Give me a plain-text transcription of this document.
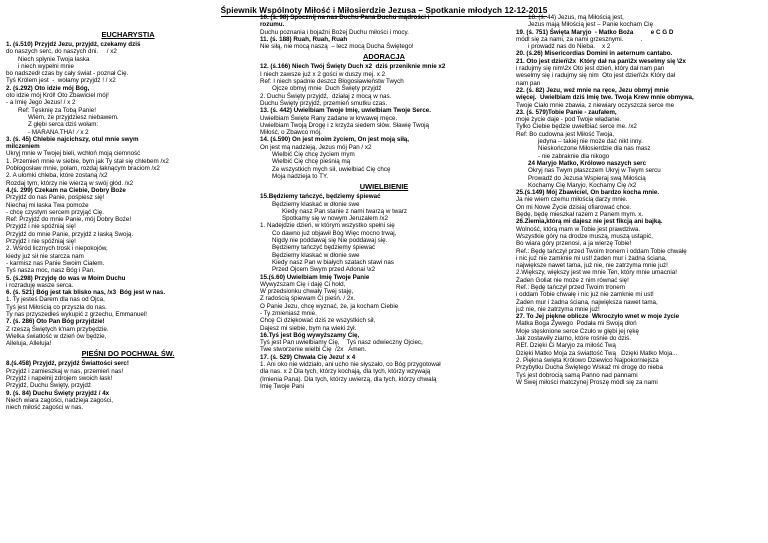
Śpiewnik Wspólnoty Miłość i Miłosierdzie Jezusa – Spotkanie młodych 12-12-2015
EUCHARYSTIA
1. (ś.510) Przyjdź Jezu, przyjdź, czekamy dziś
do naszych serc, do naszych dni.     / x2
Niech spłynie Twoja łaska
i niech wypełni mnie
bo nadszedł czas by cały świat - poznał Cię.
Tyś Królem jest  -  wołamy przyjdź ! / x2
2. (ś.292) Oto idzie mój Bóg,
oto idzie mój Król! Oto Zbawiciel mój!
- a Imię Jego Jezus! / x 2
Ref: Tęsknię za Tobą Panie!
Wiem, że przyjdziesz niebawem.
Z głębi serca dziś wołam:
- MARANA THA!  ⁄ x 2
3. (ś. 45) Chlebie najcichszy, otul mnie swym
milczeniem
Ukryj mnie w Twojej bieli, wchłoń moją ciemność
1. Przemień mnie w siebie, bym jak Ty stał się chlebem /x2
Pobłogosław mnie, połam, rozdaj łaknącym braciom /x2
2. A ułomki chleba, które zostaną /x2
Rozdaj tym, którzy nie wierzą w swój głód. /x2
4.(ś. 299) Czekam na Ciebie, Dobry Boże
Przyjdź do nas Panie, pośpiesz się!
Niechaj mi łaska Twa pomoże
- chcę czystym sercem przyjąć Cię.
Ref: Przyjdź do mnie Panie, mój Dobry Boże!
Przyjdź i nie spóźniaj się!
Przyjdź do mnie Panie, przyjdź z łaską Swoją.
Przyjdź i nie spóźniaj się!
2. Wśród licznych trosk i niepokojów,
kiedy już sił nie starcza nam
- karmisz nas Panie Swoim Ciałem.
Tyś nasza moc, nasz Bóg i Pan.
5. (ś.298) Przyjdę do was w Moim Duchu
i rozraduję wasze serca.
6. (ś. 521) Bóg jest tak blisko nas, /x3  Bóg jest w nas.
1. Ty jesteś Darem dla nas od Ojca,
Tyś jest Miłością co przyszła do nas.
Ty nas przyszedłeś wykupić z grzechu, Emmanuel!
7. (ś. 286) Oto Pan Bóg przyjdzie!
Z rzeszą Świętych k'nam przybędzie.
Wielka światłość w dzień ów będzie,
Alleluja, Alleluja!
PIEŚNI DO POCHWAŁ ŚW.
8.(ś.458) Przyjdź, przyjdź Świattości serc!
Przyjdź i zamieszkaj w nas, przemień nas!
Przyjdź i napełnij zdrojem swoich łask!
Przyjdź, Duchu Święty, przyjdź
9. (ś. 84) Duchu Święty przyjdź / 4x
Niech wiara zagości, nadzieja zagości,
niech miłość zagości w nas.
10. (ś. 98) Spocznij na nas Duchu Pana Duchu mądrości i
rozumu.
Duchu poznania i bojaźni Bożej Duchu miłości i mocy.
11. (ś. 188) Ruah, Ruah, Ruah
Nie siłą, nie mocą naszą  – lecz mocą Ducha Świętego!
ADORACJA
12. (ś.166) Niech Twój Święty Duch x2  dziś przeniknie mnie x2
I niech zawsze już x 2 gości w duszy mej. x 2
Ref: I niech spadnie deszcz Błogosławieństw Twych
Ojcze obmyj mnie  Duch Święty przyjdź
2. Duchu Święty przyjdź,  działaj z mocą w nas.
Duchu Święty przyjdź, przemień smutku czas.
13. (ś. 442) Uwielbiam Twoje Imię, uwielbiam Twoje Serce.
Uwielbiam Święte Rany zadane w krwawej męce.
Uwielbiam Twoją Drogę i z krzyża siedem słów. Sławię Twoją
Miłość, o Zbawco mój.
14. (ś.590) On jest moim życiem, On jest moją siłą,
On jest mą nadzieją, Jezus mój Pan / x2
Wielbić Cię chcę życiem mym
Wielbić Cię chcę pieśnią mą
Ze wszystkich mych sił, uwielbiać Cię chcę
Moja nadzieja to TY.
UWIELBIENIE
15.Będziemy tańczyć, będziemy śpiewać
Będziemy klaskać w dłonie swe
Kiedy nasz Pan stanie z nami twarzą w twarz
Spotkamy się w nowym Jeruzalem /x2
1. Nadejdzie dzień, w którym wszystko spełni się
Co dawno już objawił Bóg Więc mocno trwaj,
Nigdy nie poddawaj się Nie poddawaj się.
Będziemy tańczyć będziemy śpiewać
Będziemy klaskać w dłonie swe
Kiedy nasz Pan w białych szatach stawi nas
Przed Ojcem Swym przed Adonai \x2
15.(ś.60) Uwielbiam Imię Twoje Panie
Wywyższam Cię i daję Ci hołd,
W przedsionku chwały Twej staję,
Z radością śpiewam Ci pieśń. / 2x.
O Panie Jezu, chcę wyznać, że, ja kocham Ciebie
- Ty zmieniasz mnie.
Chcę Ci dziękować dziś ze wszystkich sił,
Dajesz mi siebie, bym na wieki żył.
16.Tyś jest Bóg wywyższamy Cię,
Tyś jest Pan uwielbiamy Cię,    Tyś nasz odwieczny Ojciec,
Twe stworzenie wielbi Cię  /2x   Amen.
17. (ś. 529) Chwała Cię Jezu! x 4
1. Ani oko nie widziało, ani ucho nie słyszało, co Bóg przygotował
dla nas. x 2 Dla tych, którzy kochają, dla tych, którzy wzywają
(Imienia Pana). Dla tych, którzy uwierzą, dla tych, którzy chwalą
Imię Twoje Pani
18. (ś. 44) Jezus, mą Miłością jest,
Jezus mają Miłością jest – Panie kocham Cię
19. (ś. 751) Święta Maryjo  - Matko Boża          e C G D
módl się za nami, za nami grzesznymi.          .
i prowadź nas do Nieba.    x 2
20. (ś.26) Misericordias Domini in aeternum cantabo.
21. Oto jest dzień\2x  Który dał na pan\2x weselmy się \2x
i radujmy się nim\2x Oto jest dzień, który dał nam pan
weselmy się i radujmy się nim  Oto jest dzień\2x Który dał
nam pan
22. (ś. 82) Jezu, weź mnie na ręce, Jezu obmyj mnie
więcej.  Uwielbiam dziś Imię twe. Twoja Krew mnie obmywa,
Twoje Ciało mnie zbawia, z niewiary oczyszcza serce me
23. (ś. 579)Tobie Panie - zaufałem,
moje życie daje - pod Twoje władanie.
Tylko Ciebie będzie uwielbiać serce me. /x2
Ref: Bo cudowna jest Miłość Twoja,
jedyna – takiej nie może dać nikt inny.
Nieskończone Miłosierdzie dla nas masz
- nie zabraknie dla nikogo
24 Maryjo Matko, Królowo naszych serc
Okryj nas Twym płaszczem Ukryj w Twym sercu
Prowadź do Jezusa Wspieraj swą Miłością
Kochamy Cię Maryjo, Kochamy Cię /x2
25.(ś.149) Mój Zbawiciel, On bardzo kocha mnie.
Ja nie wiem czemu miłością darzy mnie.
On mi Nowe Życie dzisiaj ofiarować chce.
Będę, będę mieszkał razem z Panem mym. x.
26.Ziemia,którą mi dajesz nie jest fikcją ani bajką.
Wolność, którą mam w Tobie jest prawdziwa.
Wszystkie góry na drodze muszą, muszą ustąpić,
Bo wiara góry przenosi, a ja wierzę Tobie!
Ref.: Będę tańczył przed Twoim tronem i oddam Tobie chwałę
i nic już nie zamknie mi ust! żaden mur i żadna ściana,
największe nawet tama, już nie, nie zatrzyma mnie już!
2.Większy, większy jest we mnie Ten, który mnie umacnia!
Żaden Goliat nie może z nim równać się!
Ref.: Będę tańczył przed Twoim tronem
i oddam Tobie chwałę i nic już nie zamknie mi ust!
Żaden mur i żadna ściana, największa nawet tama,
już nie, nie zatrzyma mnie już!
27. To Jej piękne oblicze  Wkroczyło wnet w moje życie
Matka Boga Żywego  Podała mi Swoją dłoń
Moje stęsknione serce Czuło w głębi jej rękę
Jak zostawiły ziarno, które rośnie do dziś.
REf. Dzięki Ci Maryjo za miłość Twą
Dzięki Matko Moja za świattość Twą   Dzięki Matko Moja...
2. Piękna święta Królowo Dziewico Najpokorniejsza
Przybytku Ducha Świętego Wskaż mi drogę do nieba
Tyś jest dobrocią samą Panno nad pannami
W Swej miłości matczynej Proszę módl się za nami
